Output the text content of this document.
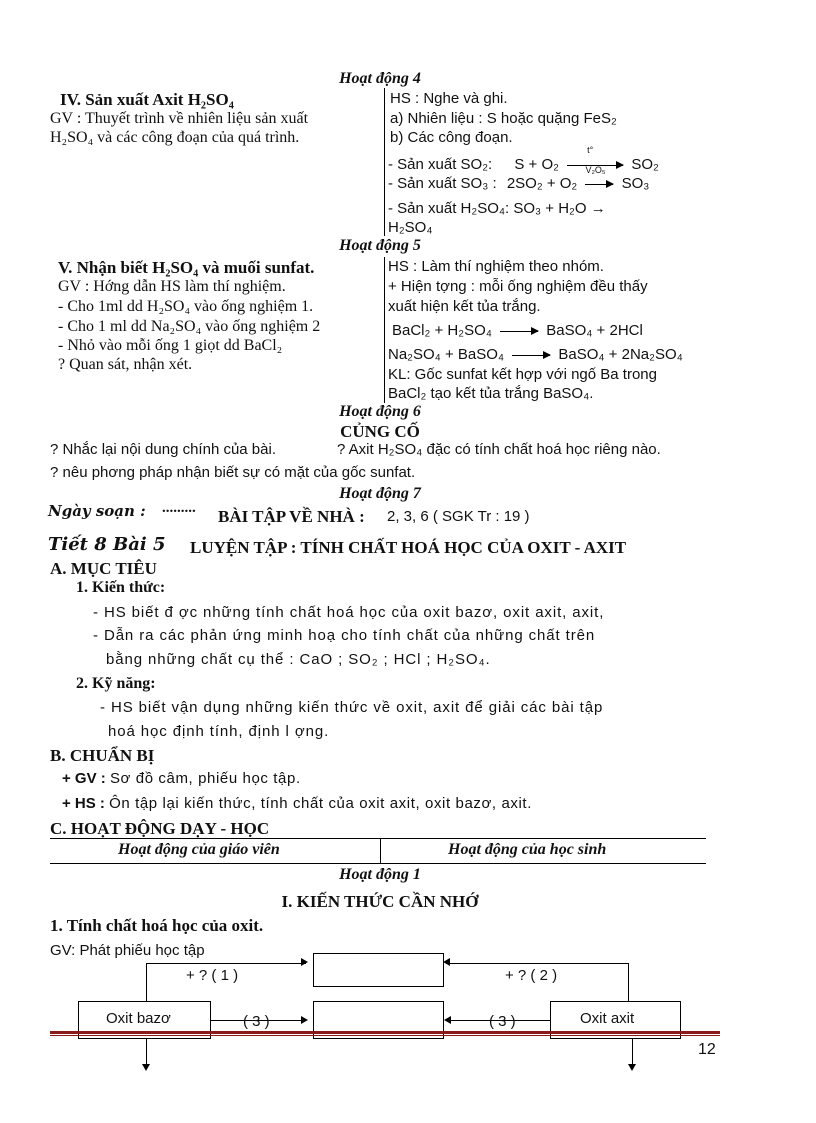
Hoạt động 4
IV. Sản xuất Axit H₂SO₄
GV : Thuyết trình về nhiên liệu sản xuất
H₂SO₄ và các công đoạn của quá trình.
HS : Nghe và ghi.
a) Nhiên liệu : S hoặc quặng FeS₂
b) Các công đoạn.
- Sản xuất SO₂: S + O₂
t°
SO₂
- Sản xuất SO₃ : 2SO₂ + O₂
V₂O₅
SO₃
- Sản xuất H₂SO₄: SO₃ + H₂O →
H₂SO₄
Hoạt động 5
V. Nhận biết H₂SO₄ và muối sunfat.
GV : Hớng dẫn HS làm thí nghiệm.
- Cho 1ml dd H₂SO₄ vào ống nghiệm 1.
- Cho 1 ml dd Na₂SO₄ vào ống nghiệm 2
- Nhỏ vào mỗi ống 1 giọt dd BaCl₂
? Quan sát, nhận xét.
HS : Làm thí nghiệm theo nhóm.
+ Hiện tợng : mỗi ống nghiệm đều thấy
xuất hiện kết tủa trắng.
BaCl₂ + H₂SO₄ → BaSO₄ + 2HCl
Na₂SO₄ + BaSO₄ → BaSO₄ + 2Na₂SO₄
KL: Gốc sunfat kết hợp với ngố Ba trong
BaCl₂ tạo kết tủa trắng BaSO₄.
Hoạt động 6
CỦNG CỐ
? Nhắc lại nội dung chính của bài.	? Axit H₂SO₄ đặc có tính chất hoá học riêng nào.
? nêu phơng pháp nhận biết sự có mặt của gốc sunfat.
Hoạt động 7
Ngày soạn : ......... BÀI TẬP VỀ NHÀ : 2, 3, 6 ( SGK Tr : 19 )
Tiết 8 Bài 5 LUYỆN TẬP : TÍNH CHẤT HOÁ HỌC CỦA OXIT - AXIT
A. MỤC TIÊU
1. Kiến thức:
- HS biết đ ợc những tính chất hoá học của oxit bazơ, oxit axit, axit,
- Dẫn ra các phản ứng minh hoạ cho tính chất của những chất trên
bằng những chất cụ thể : CaO ; SO₂ ; HCl ; H₂SO₄.
2. Kỹ năng:
- HS biết vận dụng những kiến thức về oxit, axit để giải các bài tập
hoá học định tính, định l ợng.
B. CHUẨN BỊ
+ GV : Sơ đồ câm, phiếu học tập.
+ HS : Ôn tập lại kiến thức, tính chất của oxit axit, oxit bazơ, axit.
C. HOẠT ĐỘNG DẠY - HỌC
Hoạt động của giáo viên	Hoạt động của học sinh
Hoạt động 1
I. KIẾN THỨC CẦN NHỚ
1. Tính chất hoá học của oxit.
GV: Phát phiếu học tập
+ ? ( 1 )	+ ? ( 2 )
Oxit bazơ	Oxit axit
( 3 )	( 3 )
12
